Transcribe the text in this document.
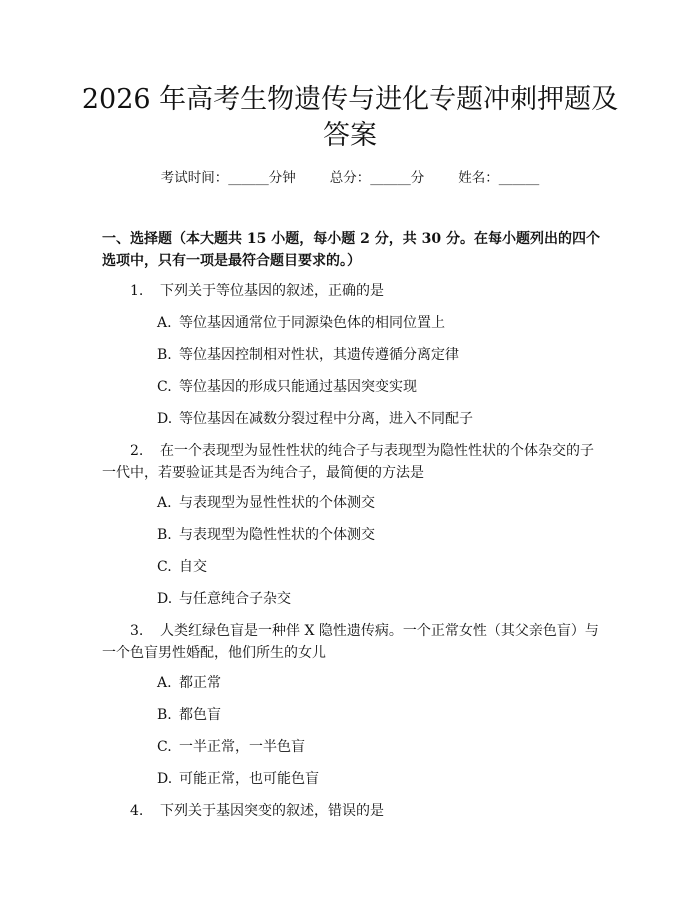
2026 年高考生物遗传与进化专题冲刺押题及答案
考试时间：______分钟	总分：______分	姓名：______

一、选择题（本大题共 15 小题，每小题 2 分，共 30 分。在每小题列出的四个选项中，只有一项是最符合题目要求的。）

1. 下列关于等位基因的叙述，正确的是

A. 等位基因通常位于同源染色体的相同位置上

B. 等位基因控制相对性状，其遗传遵循分离定律

C. 等位基因的形成只能通过基因突变实现

D. 等位基因在减数分裂过程中分离，进入不同配子

2. 在一个表现型为显性性状的纯合子与表现型为隐性性状的个体杂交的子一代中，若要验证其是否为纯合子，最简便的方法是

A. 与表现型为显性性状的个体测交

B. 与表现型为隐性性状的个体测交

C. 自交

D. 与任意纯合子杂交

3. 人类红绿色盲是一种伴 X 隐性遗传病。一个正常女性（其父亲色盲）与一个色盲男性婚配，他们所生的女儿

A. 都正常

B. 都色盲

C. 一半正常，一半色盲

D. 可能正常，也可能色盲

4. 下列关于基因突变的叙述，错误的是
